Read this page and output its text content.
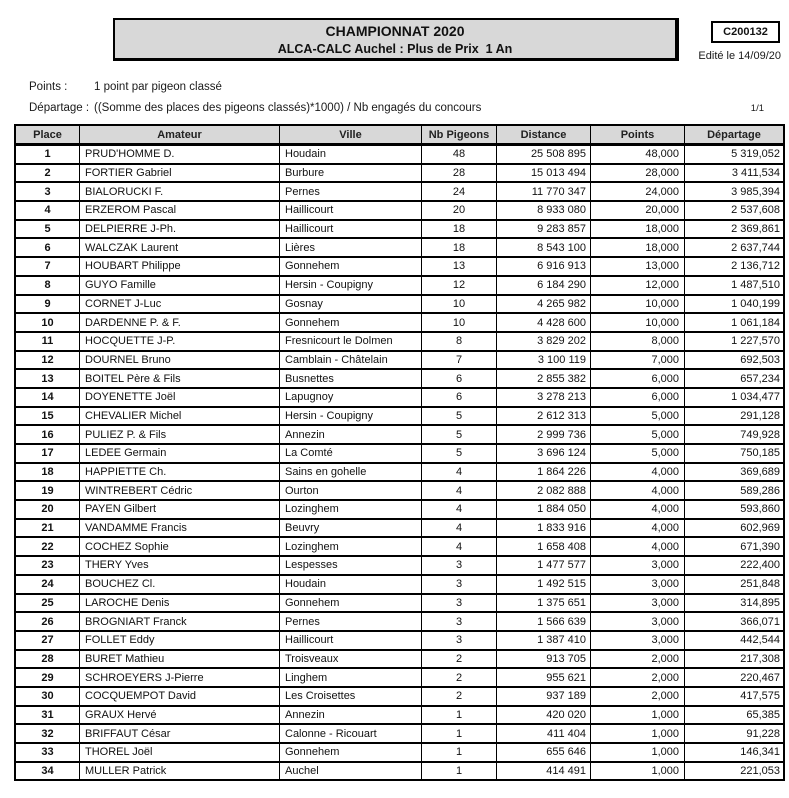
CHAMPIONNAT 2020
ALCA-CALC Auchel : Plus de Prix  1 An
C200132
Edité le 14/09/20
Points :	1 point par pigeon classé
Départage : ((Somme des places des pigeons classés)*1000) / Nb engagés du concours	1/1
Place	Amateur	Ville	Nb Pigeons	Distance	Points	Départage
1	PRUD'HOMME D.	Houdain	48	25 508 895	48,000	5 319,052
2	FORTIER Gabriel	Burbure	28	15 013 494	28,000	3 411,534
3	BIALORUCKI F.	Pernes	24	11 770 347	24,000	3 985,394
4	ERZEROM Pascal	Haillicourt	20	8 933 080	20,000	2 537,608
5	DELPIERRE J-Ph.	Haillicourt	18	9 283 857	18,000	2 369,861
6	WALCZAK Laurent	Lières	18	8 543 100	18,000	2 637,744
7	HOUBART Philippe	Gonnehem	13	6 916 913	13,000	2 136,712
8	GUYO Famille	Hersin - Coupigny	12	6 184 290	12,000	1 487,510
9	CORNET J-Luc	Gosnay	10	4 265 982	10,000	1 040,199
10	DARDENNE P. & F.	Gonnehem	10	4 428 600	10,000	1 061,184
11	HOCQUETTE J-P.	Fresnicourt le Dolmen	8	3 829 202	8,000	1 227,570
12	DOURNEL Bruno	Camblain - Châtelain	7	3 100 119	7,000	692,503
13	BOITEL Père & Fils	Busnettes	6	2 855 382	6,000	657,234
14	DOYENETTE Joël	Lapugnoy	6	3 278 213	6,000	1 034,477
15	CHEVALIER Michel	Hersin - Coupigny	5	2 612 313	5,000	291,128
16	PULIEZ P. & Fils	Annezin	5	2 999 736	5,000	749,928
17	LEDEE Germain	La Comté	5	3 696 124	5,000	750,185
18	HAPPIETTE Ch.	Sains en gohelle	4	1 864 226	4,000	369,689
19	WINTREBERT Cédric	Ourton	4	2 082 888	4,000	589,286
20	PAYEN Gilbert	Lozinghem	4	1 884 050	4,000	593,860
21	VANDAMME Francis	Beuvry	4	1 833 916	4,000	602,969
22	COCHEZ Sophie	Lozinghem	4	1 658 408	4,000	671,390
23	THERY Yves	Lespesses	3	1 477 577	3,000	222,400
24	BOUCHEZ Cl.	Houdain	3	1 492 515	3,000	251,848
25	LAROCHE Denis	Gonnehem	3	1 375 651	3,000	314,895
26	BROGNIART Franck	Pernes	3	1 566 639	3,000	366,071
27	FOLLET Eddy	Haillicourt	3	1 387 410	3,000	442,544
28	BURET Mathieu	Troisveaux	2	913 705	2,000	217,308
29	SCHROEYERS J-Pierre	Linghem	2	955 621	2,000	220,467
30	COCQUEMPOT David	Les Croisettes	2	937 189	2,000	417,575
31	GRAUX Hervé	Annezin	1	420 020	1,000	65,385
32	BRIFFAUT César	Calonne - Ricouart	1	411 404	1,000	91,228
33	THOREL Joël	Gonnehem	1	655 646	1,000	146,341
34	MULLER Patrick	Auchel	1	414 491	1,000	221,053
